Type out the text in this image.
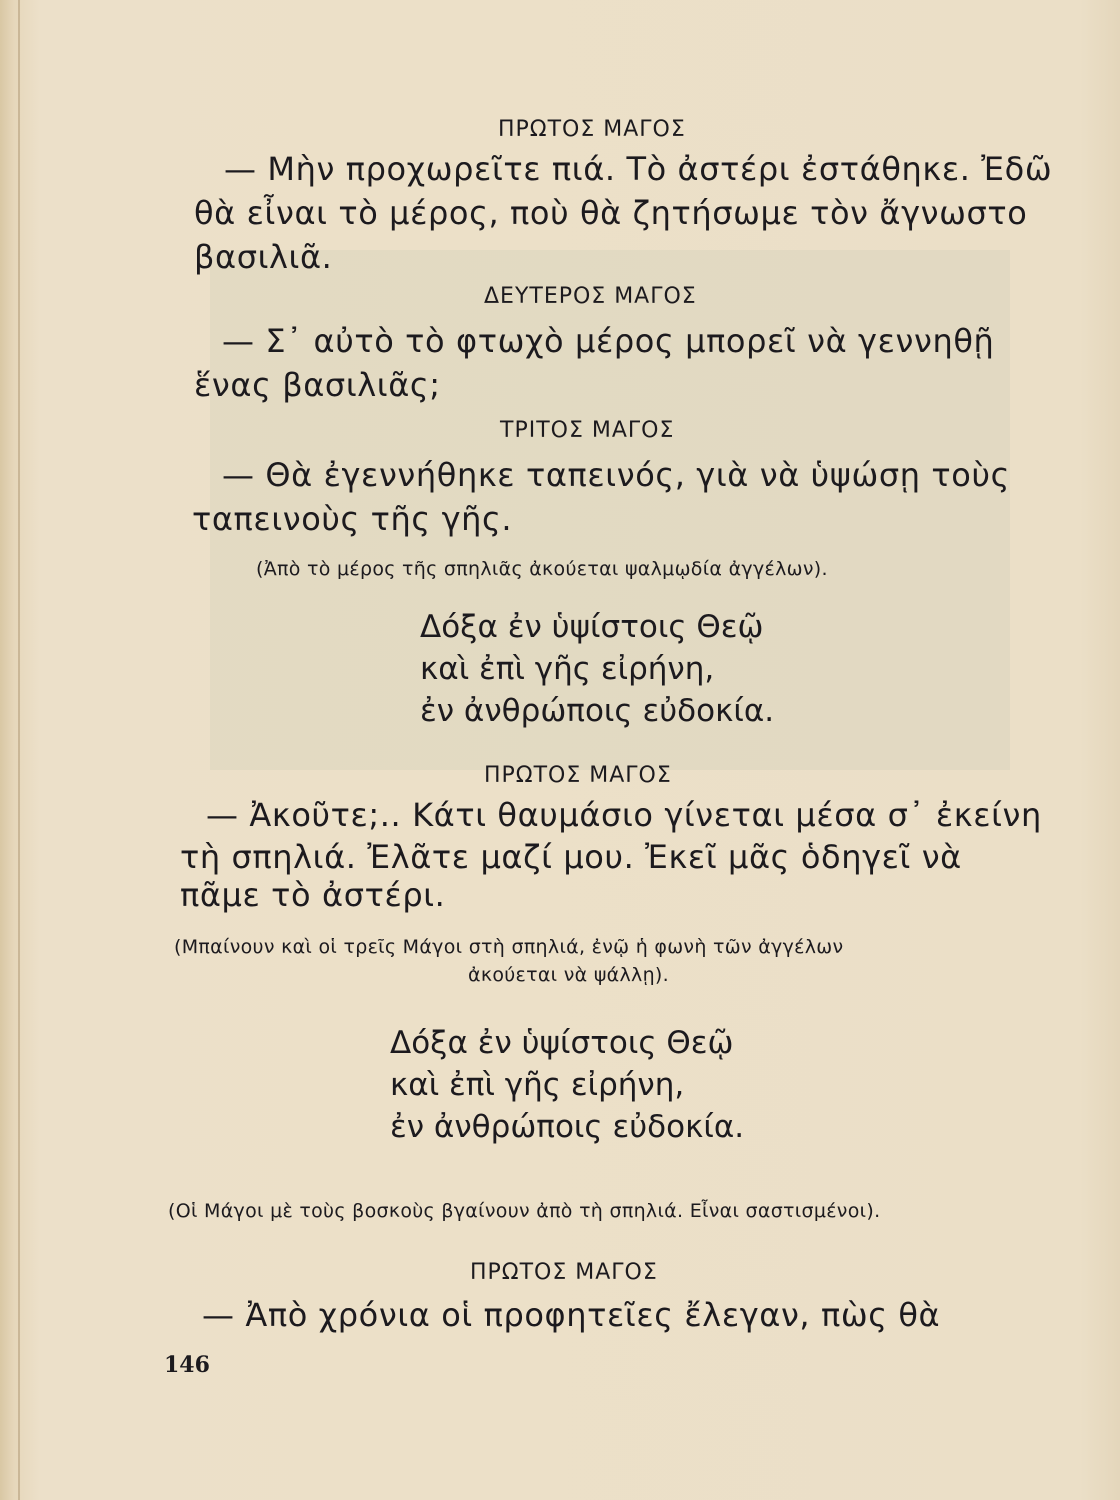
ΠΡΩΤΟΣ ΜΑΓΟΣ
— Μὴν προχωρεῖτε πιά. Τὸ ἀστέρι ἐστάθηκε. Ἐδῶ
θὰ εἶναι τὸ μέρος, ποὺ θὰ ζητήσωμε τὸν ἄγνωστο
βασιλιᾶ.
ΔΕΥΤΕΡΟΣ ΜΑΓΟΣ
— Σ᾽ αὐτὸ τὸ φτωχὸ μέρος μπορεῖ νὰ γεννηθῇ
ἕνας βασιλιᾶς;
ΤΡΙΤΟΣ ΜΑΓΟΣ
— Θὰ ἐγεννήθηκε ταπεινός, γιὰ νὰ ὑψώσῃ τοὺς
ταπεινοὺς τῆς γῆς.
(Ἀπὸ τὸ μέρος τῆς σπηλιᾶς ἀκούεται ψαλμῳδία ἀγγέλων).
Δόξα ἐν ὑψίστοις Θεῷ
καὶ ἐπὶ γῆς εἰρήνη,
ἐν ἀνθρώποις εὐδοκία.
ΠΡΩΤΟΣ ΜΑΓΟΣ
— Ἀκοῦτε;.. Κάτι θαυμάσιο γίνεται μέσα σ᾽ ἐκείνη
τὴ σπηλιά. Ἐλᾶτε μαζί μου. Ἐκεῖ μᾶς ὁδηγεῖ νὰ
πᾶμε τὸ ἀστέρι.
(Μπαίνουν καὶ οἱ τρεῖς Μάγοι στὴ σπηλιά, ἐνῷ ἡ φωνὴ τῶν ἀγγέλων
ἀκούεται νὰ ψάλλῃ).
Δόξα ἐν ὑψίστοις Θεῷ
καὶ ἐπὶ γῆς εἰρήνη,
ἐν ἀνθρώποις εὐδοκία.
(Οἱ Μάγοι μὲ τοὺς βοσκοὺς βγαίνουν ἀπὸ τὴ σπηλιά. Εἶναι σαστισμένοι).
ΠΡΩΤΟΣ ΜΑΓΟΣ
— Ἀπὸ χρόνια οἱ προφητεῖες ἔλεγαν, πὼς θὰ
146
